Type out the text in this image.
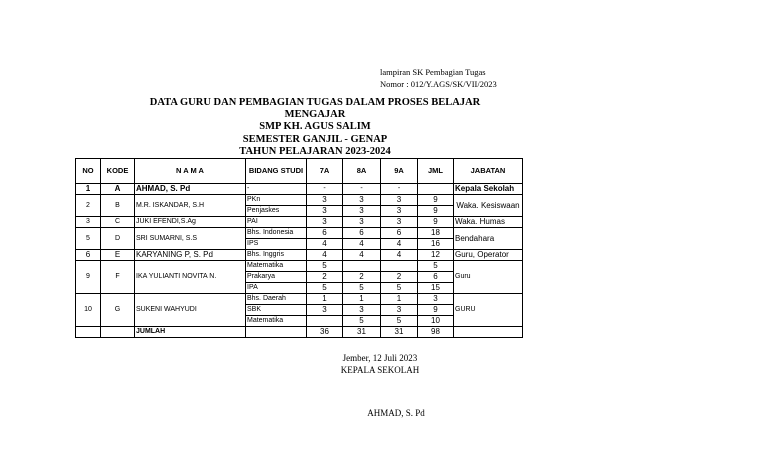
lampiran SK Pembagian Tugas
Nomor : 012/Y.AGS/SK/VII/2023
DATA GURU DAN PEMBAGIAN TUGAS DALAM PROSES BELAJAR MENGAJAR
SMP KH. AGUS SALIM
SEMESTER GANJIL - GENAP
TAHUN PELAJARAN 2023-2024
NO	KODE	N A M A	BIDANG STUDI	7A	8A	9A	JML	JABATAN
1	A	AHMAD, S. Pd	-	-	-	-		Kepala Sekolah
2	B	M.R. ISKANDAR, S.H	PKn	3	3	3	9	Waka. Kesiswaan
			Penjaskes	3	3	3	9	
3	C	JUKI EFENDI,S.Ag	PAI	3	3	3	9	Waka. Humas
5	D	SRI SUMARNI, S.S	Bhs. Indonesia	6	6	6	18	Bendahara
			IPS	4	4	4	16	
6	E	KARYANING P, S. Pd	Bhs. Inggris	4	4	4	12	Guru, Operator
9	F	IKA YULIANTI NOVITA N.	Matematika	5			5	Guru
			Prakarya	2	2	2	6	
			IPA	5	5	5	15	
10	G	SUKENI WAHYUDI	Bhs. Daerah	1	1	1	3	GURU
			SBK	3	3	3	9	
			Matematika		5	5	10	
		JUMLAH		36	31	31	98	
Jember, 12 Juli 2023
KEPALA SEKOLAH
AHMAD, S. Pd
